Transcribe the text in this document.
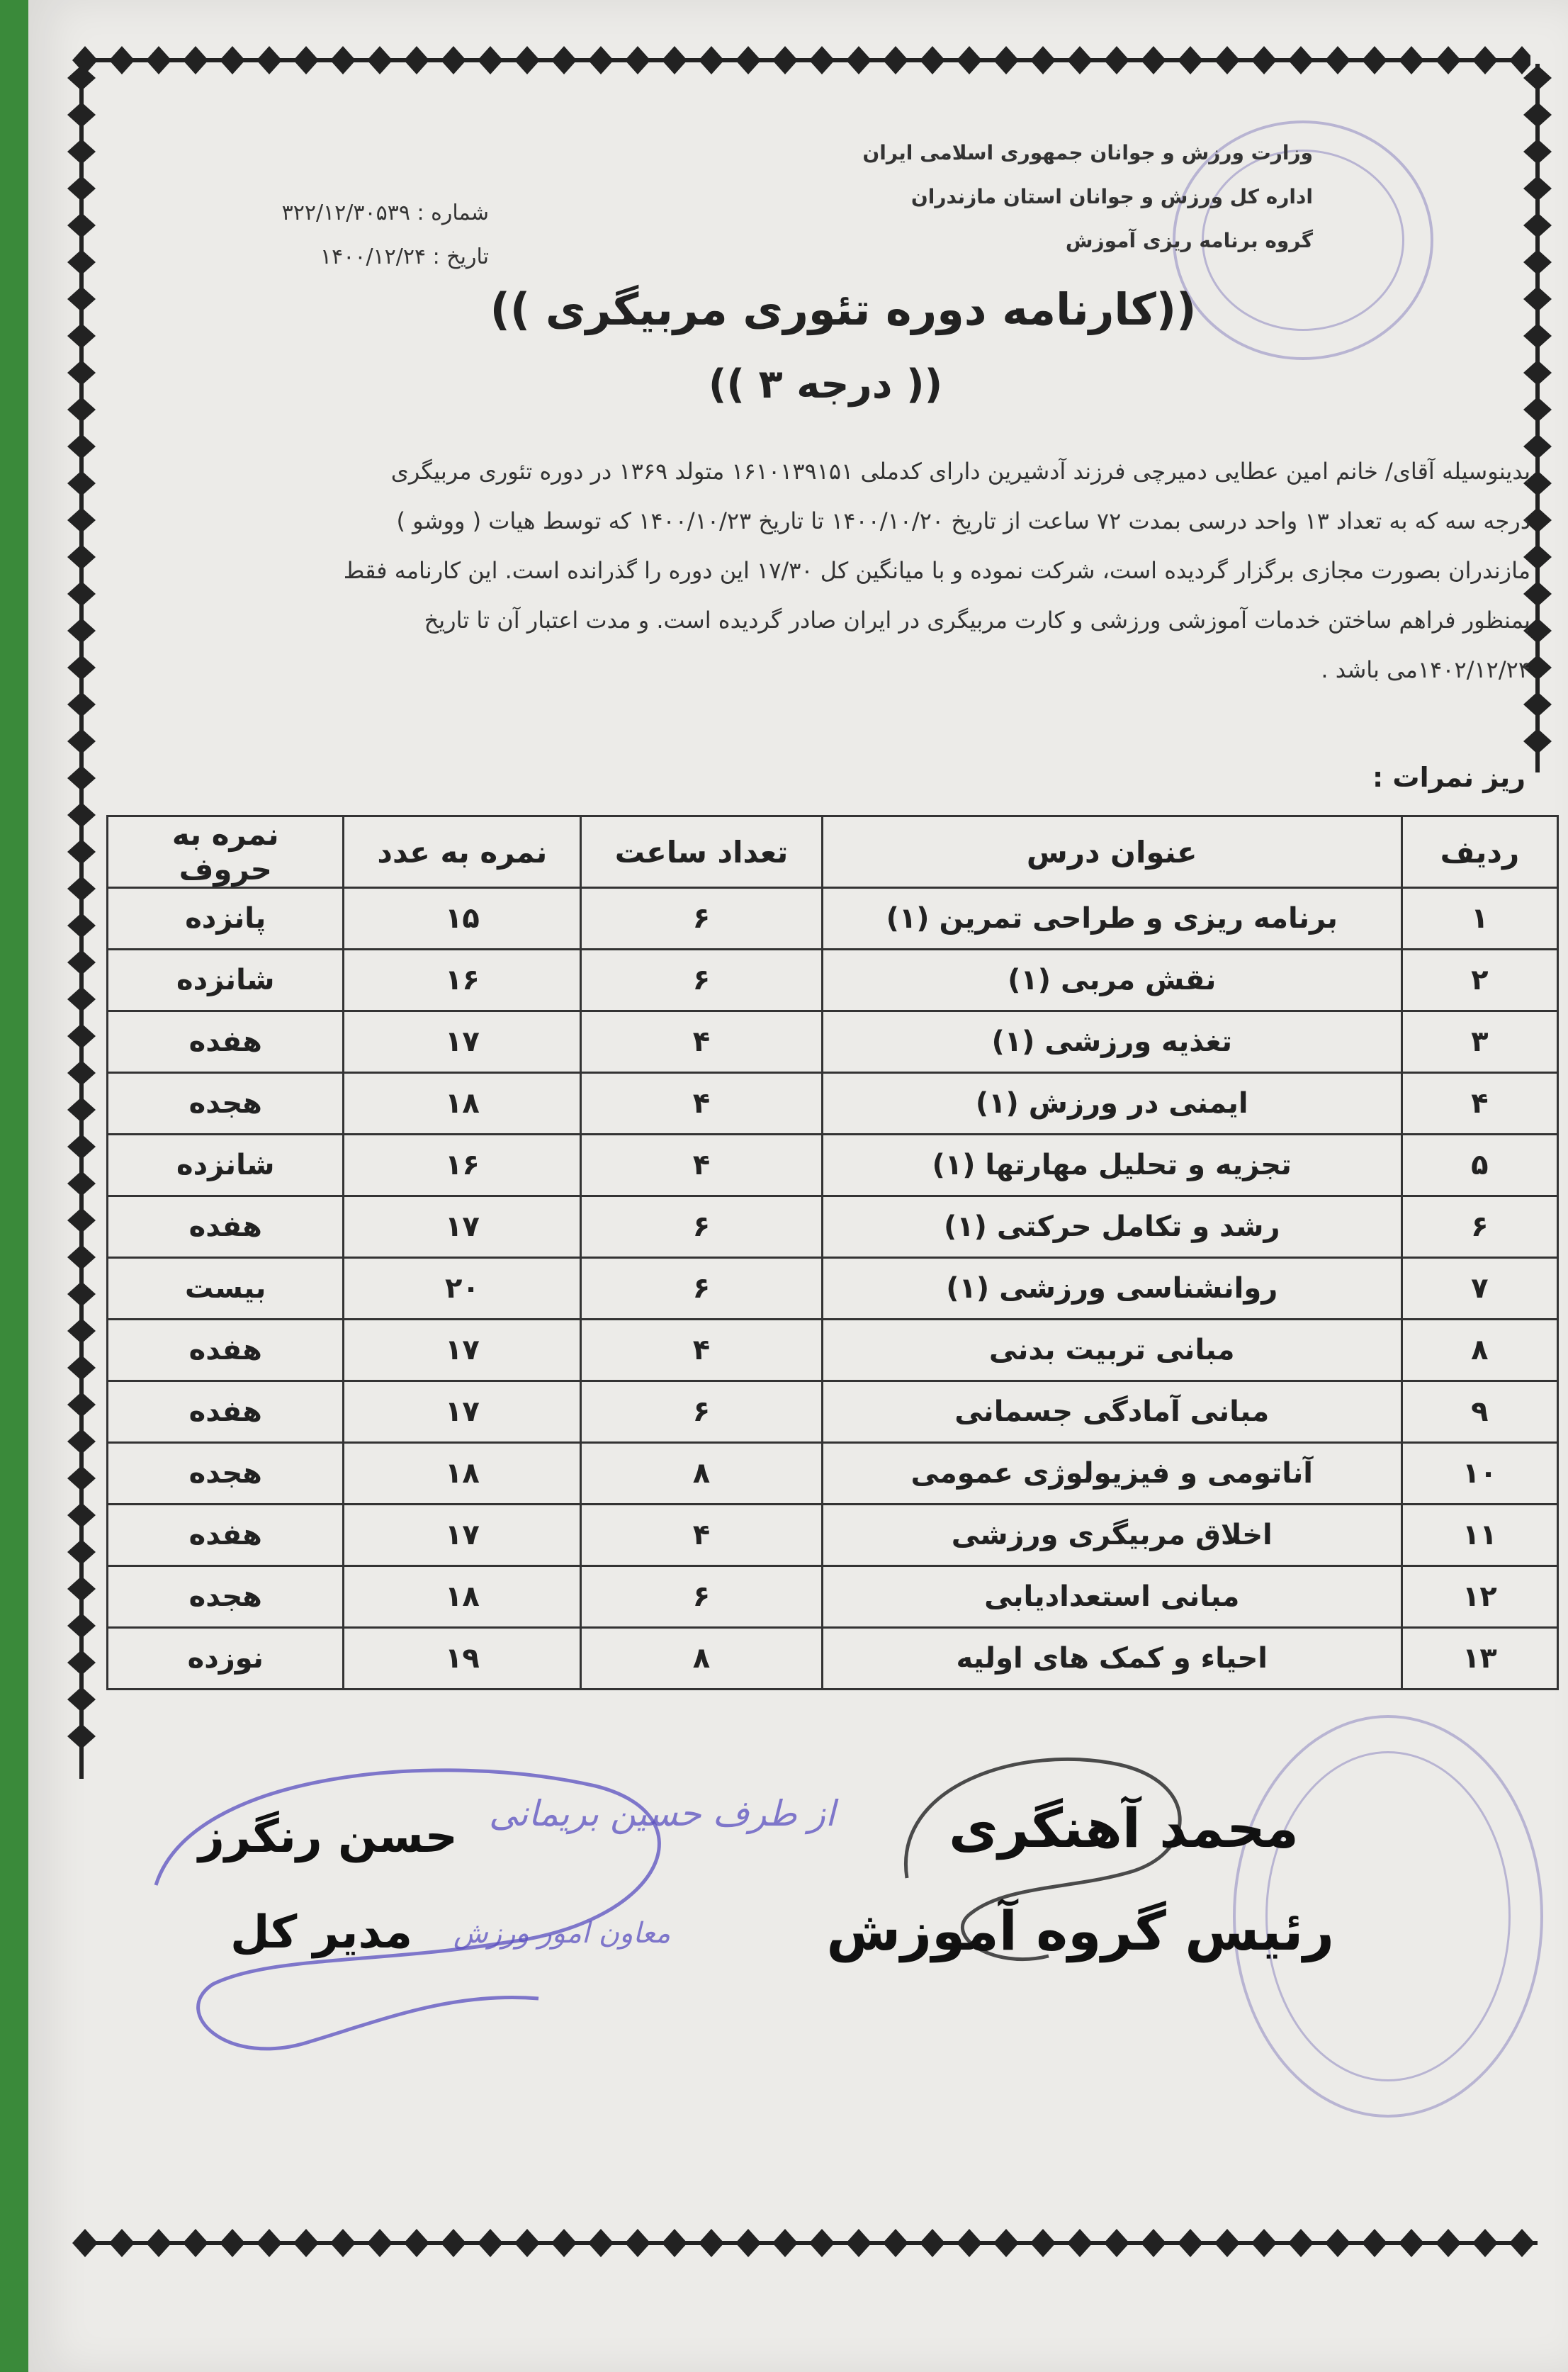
وزارت ورزش و جوانان جمهوری اسلامی ایران
اداره کل ورزش و جوانان استان مازندران
گروه برنامه ریزی آموزش
شماره : ۳۲۲/۱۲/۳۰۵۳۹
تاریخ : ۱۴۰۰/۱۲/۲۴
((کارنامه دوره تئوری مربیگری ))
(( درجه ۳ ))
بدینوسیله آقای/ خانم امین عطایی دمیرچی فرزند آدشیرین دارای کدملی ۱۶۱۰۱۳۹۱۵۱ متولد ۱۳۶۹ در دوره تئوری مربیگری
درجه سه که به تعداد ۱۳ واحد درسی بمدت ۷۲ ساعت از تاریخ ۱۴۰۰/۱۰/۲۰ تا تاریخ ۱۴۰۰/۱۰/۲۳ که توسط هیات ( ووشو )
مازندران بصورت مجازی برگزار گردیده است، شرکت نموده و با میانگین کل ۱۷/۳۰ این دوره را گذرانده است. این کارنامه فقط
بمنظور فراهم ساختن خدمات آموزشی ورزشی و کارت مربیگری در ایران صادر گردیده است. و مدت اعتبار آن تا تاریخ
۱۴۰۲/۱۲/۲۴می باشد .
ریز نمرات :
ردیف	عنوان درس	تعداد ساعت	نمره به عدد	نمره به حروف
۱	برنامه ریزی و طراحی تمرین (۱)	۶	۱۵	پانزده
۲	نقش مربی (۱)	۶	۱۶	شانزده
۳	تغذیه ورزشی (۱)	۴	۱۷	هفده
۴	ایمنی در ورزش (۱)	۴	۱۸	هجده
۵	تجزیه و تحلیل مهارتها (۱)	۴	۱۶	شانزده
۶	رشد و تکامل حرکتی (۱)	۶	۱۷	هفده
۷	روانشناسی ورزشی (۱)	۶	۲۰	بیست
۸	مبانی تربیت بدنی	۴	۱۷	هفده
۹	مبانی آمادگی جسمانی	۶	۱۷	هفده
۱۰	آناتومی و فیزیولوژی عمومی	۸	۱۸	هجده
۱۱	اخلاق مربیگری ورزشی	۴	۱۷	هفده
۱۲	مبانی استعدادیابی	۶	۱۸	هجده
۱۳	احیاء و کمک های اولیه	۸	۱۹	نوزده
محمد آهنگری
رئیس گروه آموزش
حسن رنگرز
مدیر کل
از طرف حسین بریمانی
معاون امور ورزش
